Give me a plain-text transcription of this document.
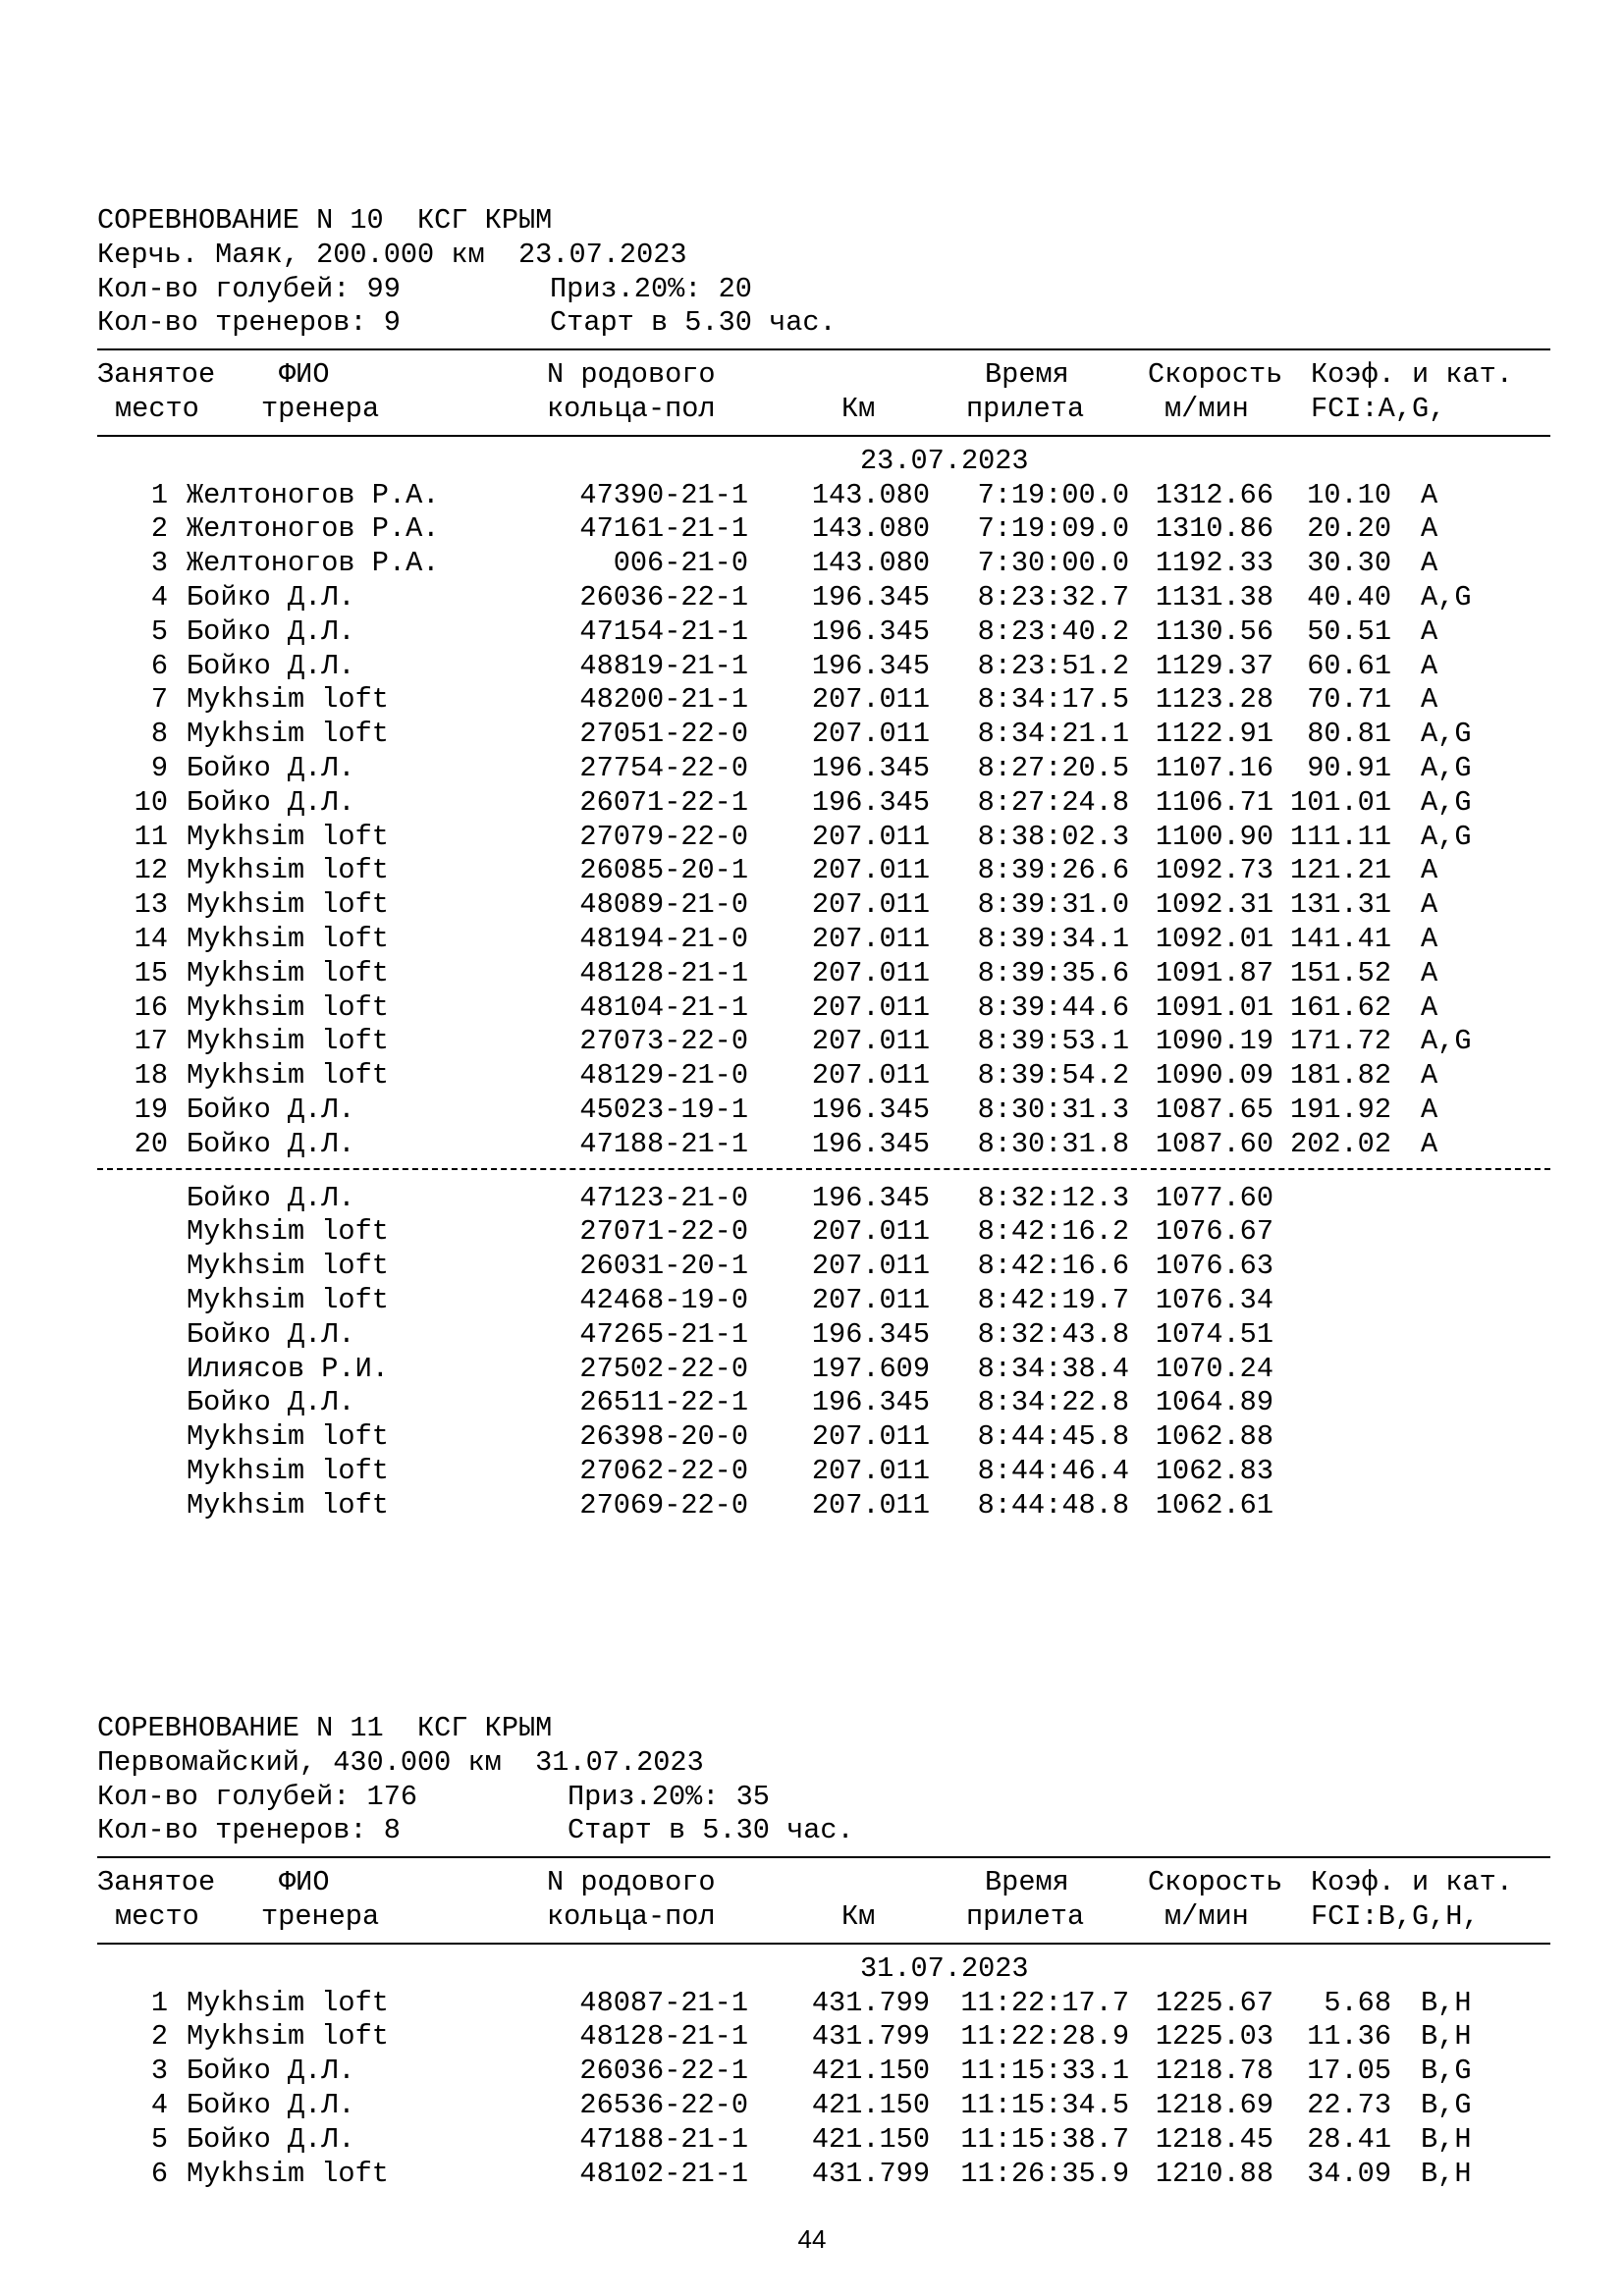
СОРЕВНОВАНИЕ N 10  КСГ КРЫМ
Керчь. Маяк, 200.000 км  23.07.2023
Кол-во голубей: 99	Приз.20%: 20
Кол-во тренеров: 9	Старт в 5.30 час.
Занятое ФИО	N родового	Время	Скорость Коэф. и кат.
место тренера	кольца-пол	Км	прилета	м/мин FCI:A,G,
23.07.2023
1 Желтоногов Р.А.	47390-21-1	143.080	7:19:00.0 1312.66	10.10 A
2 Желтоногов Р.А.	47161-21-1	143.080	7:19:09.0 1310.86	20.20 A
3 Желтоногов Р.А.	006-21-0	143.080	7:30:00.0 1192.33	30.30 A
4 Бойко Д.Л.	26036-22-1	196.345	8:23:32.7 1131.38	40.40 A,G
5 Бойко Д.Л.	47154-21-1	196.345	8:23:40.2 1130.56	50.51 A
6 Бойко Д.Л.	48819-21-1	196.345	8:23:51.2 1129.37	60.61 A
7 Mykhsim loft	48200-21-1	207.011	8:34:17.5 1123.28	70.71 A
8 Mykhsim loft	27051-22-0	207.011	8:34:21.1 1122.91	80.81 A,G
9 Бойко Д.Л.	27754-22-0	196.345	8:27:20.5 1107.16	90.91 A,G
10 Бойко Д.Л.	26071-22-1	196.345	8:27:24.8 1106.71 101.01 A,G
11 Mykhsim loft	27079-22-0	207.011	8:38:02.3 1100.90 111.11 A,G
12 Mykhsim loft	26085-20-1	207.011	8:39:26.6 1092.73 121.21 A
13 Mykhsim loft	48089-21-0	207.011	8:39:31.0 1092.31 131.31 A
14 Mykhsim loft	48194-21-0	207.011	8:39:34.1 1092.01 141.41 A
15 Mykhsim loft	48128-21-1	207.011	8:39:35.6 1091.87 151.52 A
16 Mykhsim loft	48104-21-1	207.011	8:39:44.6 1091.01 161.62 A
17 Mykhsim loft	27073-22-0	207.011	8:39:53.1 1090.19 171.72 A,G
18 Mykhsim loft	48129-21-0	207.011	8:39:54.2 1090.09 181.82 A
19 Бойко Д.Л.	45023-19-1	196.345	8:30:31.3 1087.65 191.92 A
20 Бойко Д.Л.	47188-21-1	196.345	8:30:31.8 1087.60 202.02 A
Бойко Д.Л.	47123-21-0	196.345	8:32:12.3 1077.60
Mykhsim loft	27071-22-0	207.011	8:42:16.2 1076.67
Mykhsim loft	26031-20-1	207.011	8:42:16.6 1076.63
Mykhsim loft	42468-19-0	207.011	8:42:19.7 1076.34
Бойко Д.Л.	47265-21-1	196.345	8:32:43.8 1074.51
Илиясов Р.И.	27502-22-0	197.609	8:34:38.4 1070.24
Бойко Д.Л.	26511-22-1	196.345	8:34:22.8 1064.89
Mykhsim loft	26398-20-0	207.011	8:44:45.8 1062.88
Mykhsim loft	27062-22-0	207.011	8:44:46.4 1062.83
Mykhsim loft	27069-22-0	207.011	8:44:48.8 1062.61
СОРЕВНОВАНИЕ N 11  КСГ КРЫМ
Первомайский, 430.000 км  31.07.2023
Кол-во голубей: 176	Приз.20%: 35
Кол-во тренеров: 8	Старт в 5.30 час.
Занятое ФИО	N родового	Время	Скорость Коэф. и кат.
место тренера	кольца-пол	Км	прилета	м/мин FCI:B,G,H,
31.07.2023
1 Mykhsim loft	48087-21-1	431.799	11:22:17.7 1225.67	5.68 B,H
2 Mykhsim loft	48128-21-1	431.799	11:22:28.9 1225.03	11.36 B,H
3 Бойко Д.Л.	26036-22-1	421.150	11:15:33.1 1218.78	17.05 B,G
4 Бойко Д.Л.	26536-22-0	421.150	11:15:34.5 1218.69	22.73 B,G
5 Бойко Д.Л.	47188-21-1	421.150	11:15:38.7 1218.45	28.41 B,H
6 Mykhsim loft	48102-21-1	431.799	11:26:35.9 1210.88	34.09 B,H
44
